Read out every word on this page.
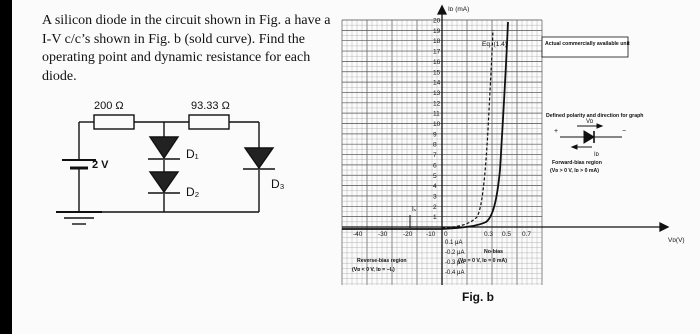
A silicon diode in the circuit shown in Fig. a have a I-V c/c’s shown in Fig. b (sold curve). Find the operating point and dynamic resistance for each diode.

200 Ω	93.33 Ω
2 V
D₁
D₂
D₃
20
19
18
17
16
15
14
13
12
11
10
9
8
7
6
5
4
3
2
1
-40 -30 -20 -10 0	0.3 0.5 0.7
0.1 μA
-0.2 μA
-0.3 μA
-0.4 μA
Iᴅ (mA)
Vᴅ(V)
Iₛ
Eq. (1.4)	Actual commercially available unit
Defined polarity and direction for graph
Forward-bias region
(Vᴅ > 0 V, Iᴅ > 0 mA)
No-bias
(Vᴅ = 0 V, Iᴅ = 0 mA)
Reverse-bias region
(Vᴅ < 0 V, Iᴅ = −Iₛ)
+	−
Vᴅ
Iᴅ
Fig. b
